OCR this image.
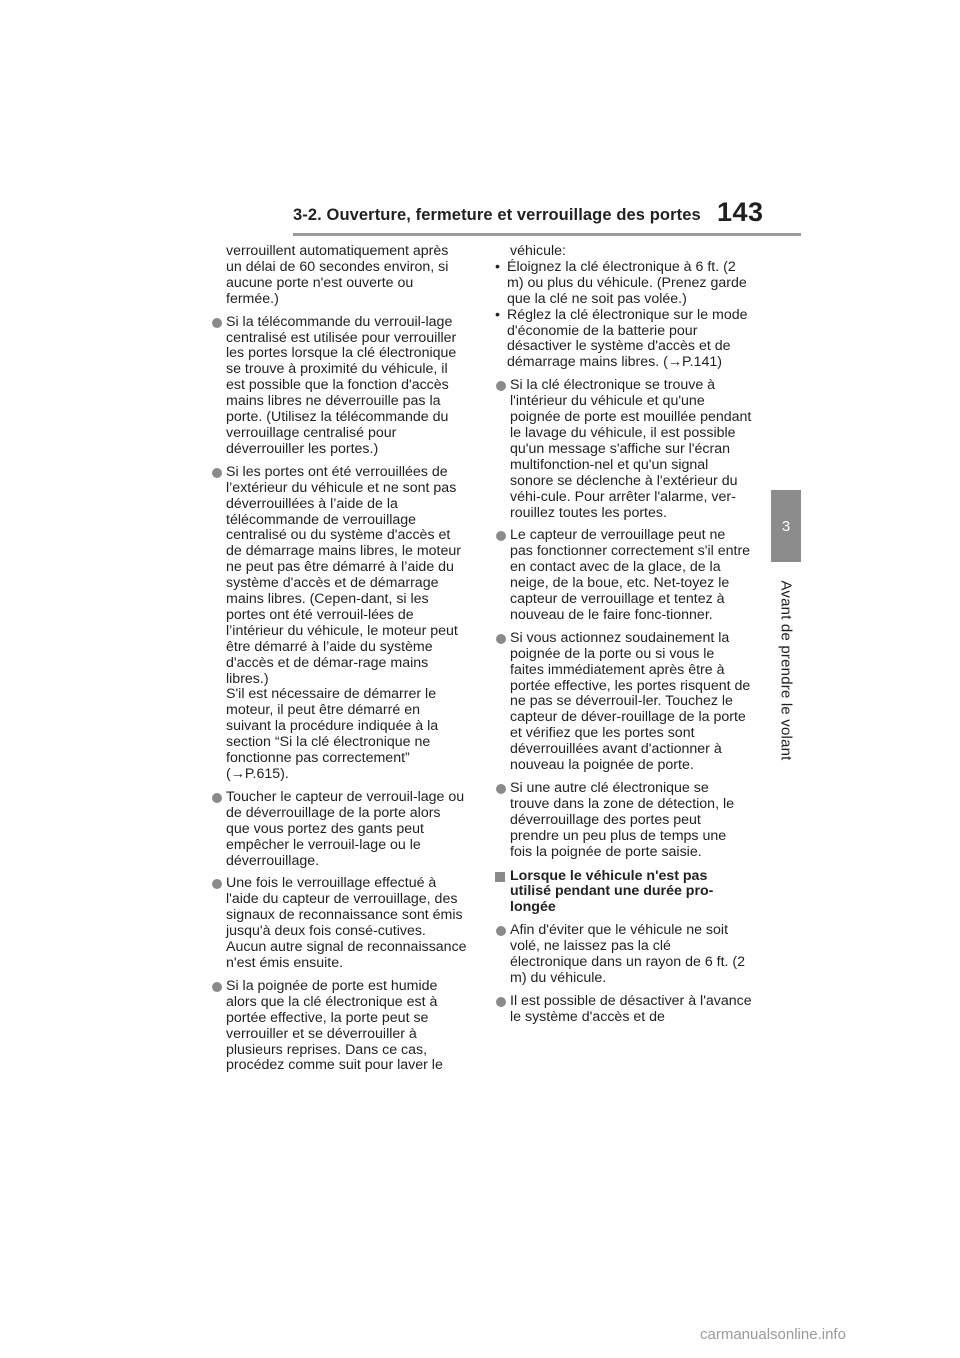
3-2. Ouverture, fermeture et verrouillage des portes 143
3
Avant de prendre le volant
verrouillent automatiquement après un délai de 60 secondes environ, si aucune porte n'est ouverte ou fermée.)
Si la télécommande du verrouil-lage centralisé est utilisée pour verrouiller les portes lorsque la clé électronique se trouve à proximité du véhicule, il est possible que la fonction d'accès mains libres ne déverrouille pas la porte. (Utilisez la télécommande du verrouillage centralisé pour déverrouiller les portes.)
Si les portes ont été verrouillées de l’extérieur du véhicule et ne sont pas déverrouillées à l’aide de la télécommande de verrouillage centralisé ou du système d'accès et de démarrage mains libres, le moteur ne peut pas être démarré à l’aide du système d'accès et de démarrage mains libres. (Cepen-dant, si les portes ont été verrouil-lées de l’intérieur du véhicule, le moteur peut être démarré à l’aide du système d'accès et de démar-rage mains libres.)
S'il est nécessaire de démarrer le moteur, il peut être démarré en suivant la procédure indiquée à la section “Si la clé électronique ne fonctionne pas correctement” (→P.615).
Toucher le capteur de verrouil-lage ou de déverrouillage de la porte alors que vous portez des gants peut empêcher le verrouil-lage ou le déverrouillage.
Une fois le verrouillage effectué à l'aide du capteur de verrouillage, des signaux de reconnaissance sont émis jusqu'à deux fois consé-cutives. Aucun autre signal de reconnaissance n'est émis ensuite.
Si la poignée de porte est humide alors que la clé électronique est à portée effective, la porte peut se verrouiller et se déverrouiller à plusieurs reprises. Dans ce cas, procédez comme suit pour laver le
véhicule:
• Éloignez la clé électronique à 6 ft. (2 m) ou plus du véhicule. (Prenez garde que la clé ne soit pas volée.)
• Réglez la clé électronique sur le mode d'économie de la batterie pour désactiver le système d'accès et de démarrage mains libres. (→P.141)
Si la clé électronique se trouve à l'intérieur du véhicule et qu'une poignée de porte est mouillée pendant le lavage du véhicule, il est possible qu'un message s'affiche sur l'écran multifonction-nel et qu'un signal sonore se déclenche à l'extérieur du véhi-cule. Pour arrêter l'alarme, ver-rouillez toutes les portes.
Le capteur de verrouillage peut ne pas fonctionner correctement s'il entre en contact avec de la glace, de la neige, de la boue, etc. Net-toyez le capteur de verrouillage et tentez à nouveau de le faire fonc-tionner.
Si vous actionnez soudainement la poignée de la porte ou si vous le faites immédiatement après être à portée effective, les portes risquent de ne pas se déverrouil-ler. Touchez le capteur de déver-rouillage de la porte et vérifiez que les portes sont déverrouillées avant d'actionner à nouveau la poignée de porte.
Si une autre clé électronique se trouve dans la zone de détection, le déverrouillage des portes peut prendre un peu plus de temps une fois la poignée de porte saisie.
Lorsque le véhicule n'est pas utilisé pendant une durée pro-longée
Afin d'éviter que le véhicule ne soit volé, ne laissez pas la clé électronique dans un rayon de 6 ft. (2 m) du véhicule.
Il est possible de désactiver à l'avance le système d'accès et de
carmanualsonline.info
